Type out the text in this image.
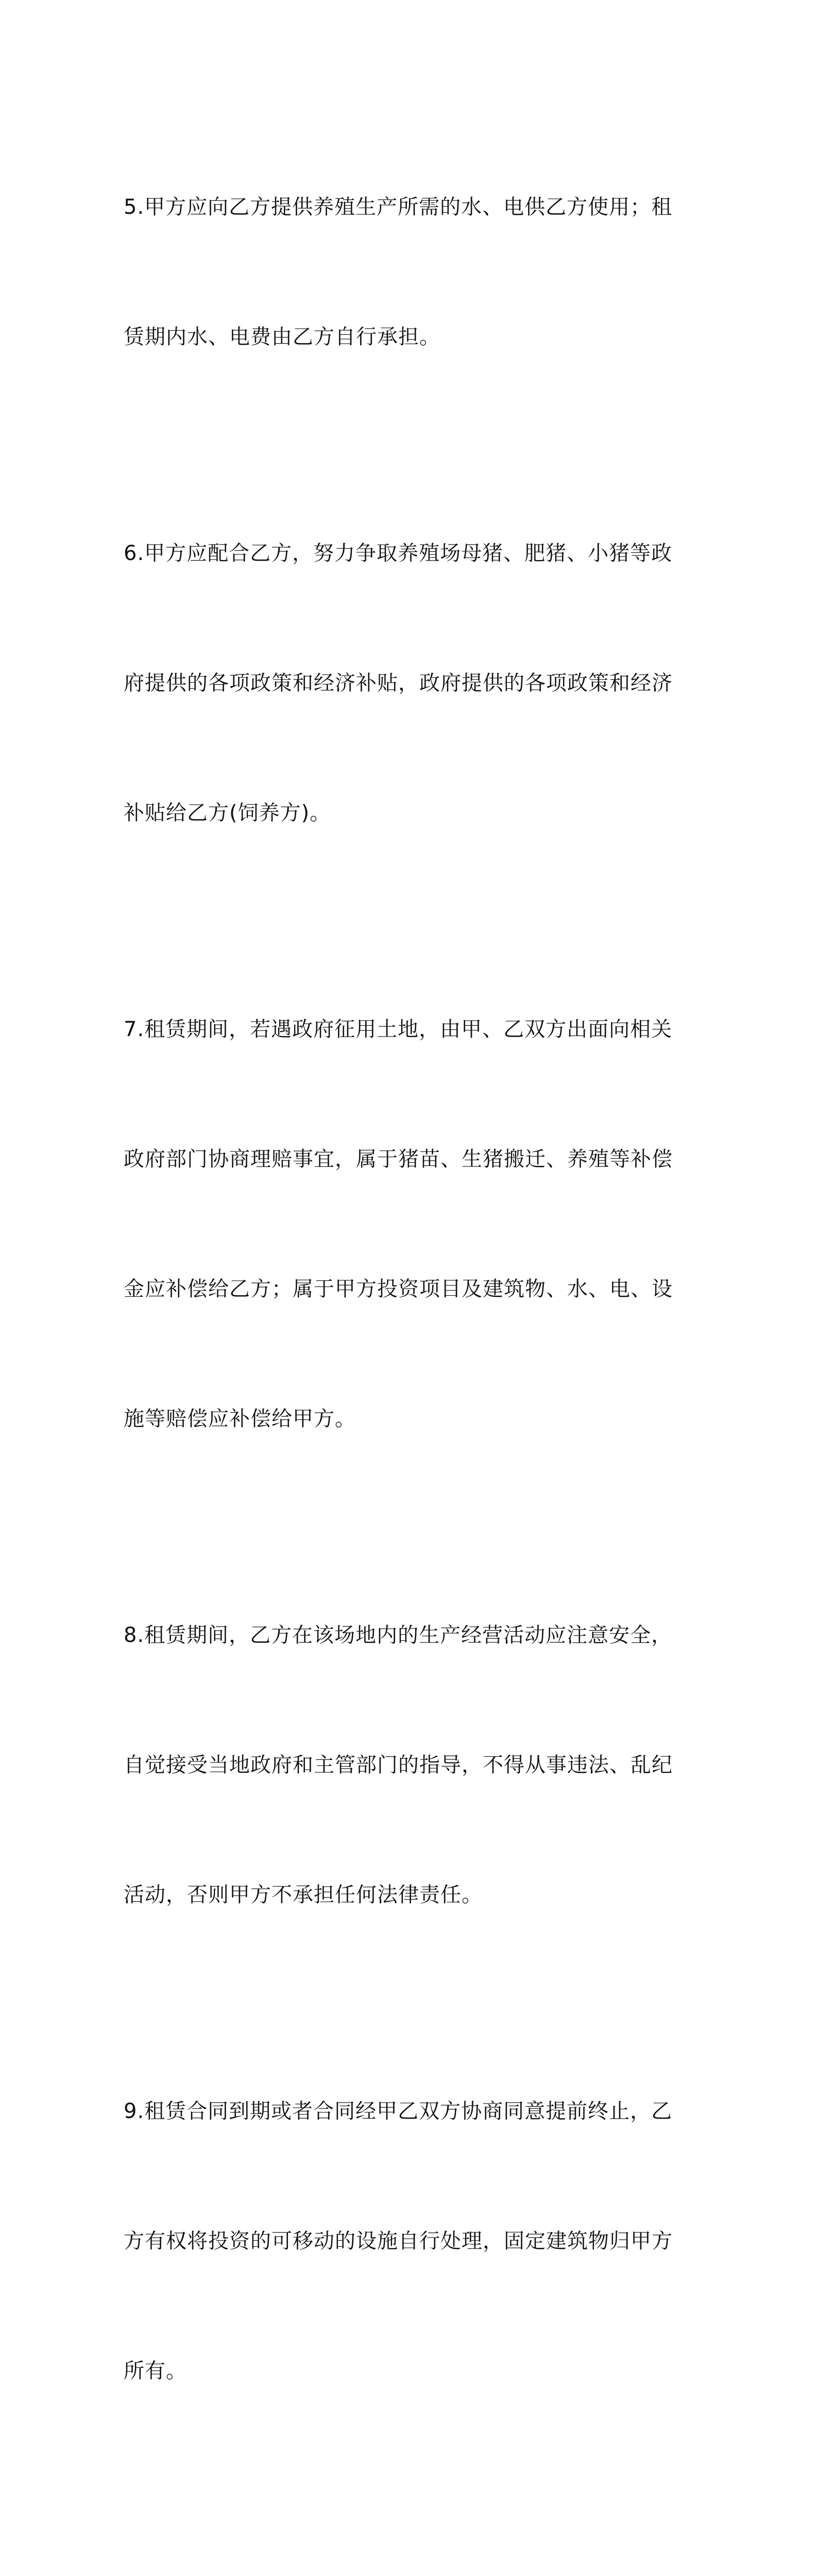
5.甲方应向乙方提供养殖生产所需的水、电供乙方使用；租

赁期内水、电费由乙方自行承担。

6.甲方应配合乙方，努力争取养殖场母猪、肥猪、小猪等政

府提供的各项政策和经济补贴，政府提供的各项政策和经济

补贴给乙方(饲养方)。

7.租赁期间，若遇政府征用土地，由甲、乙双方出面向相关

政府部门协商理赔事宜，属于猪苗、生猪搬迁、养殖等补偿

金应补偿给乙方；属于甲方投资项目及建筑物、水、电、设

施等赔偿应补偿给甲方。

8.租赁期间，乙方在该场地内的生产经营活动应注意安全，

自觉接受当地政府和主管部门的指导，不得从事违法、乱纪

活动，否则甲方不承担任何法律责任。

9.租赁合同到期或者合同经甲乙双方协商同意提前终止，乙

方有权将投资的可移动的设施自行处理，固定建筑物归甲方

所有。
